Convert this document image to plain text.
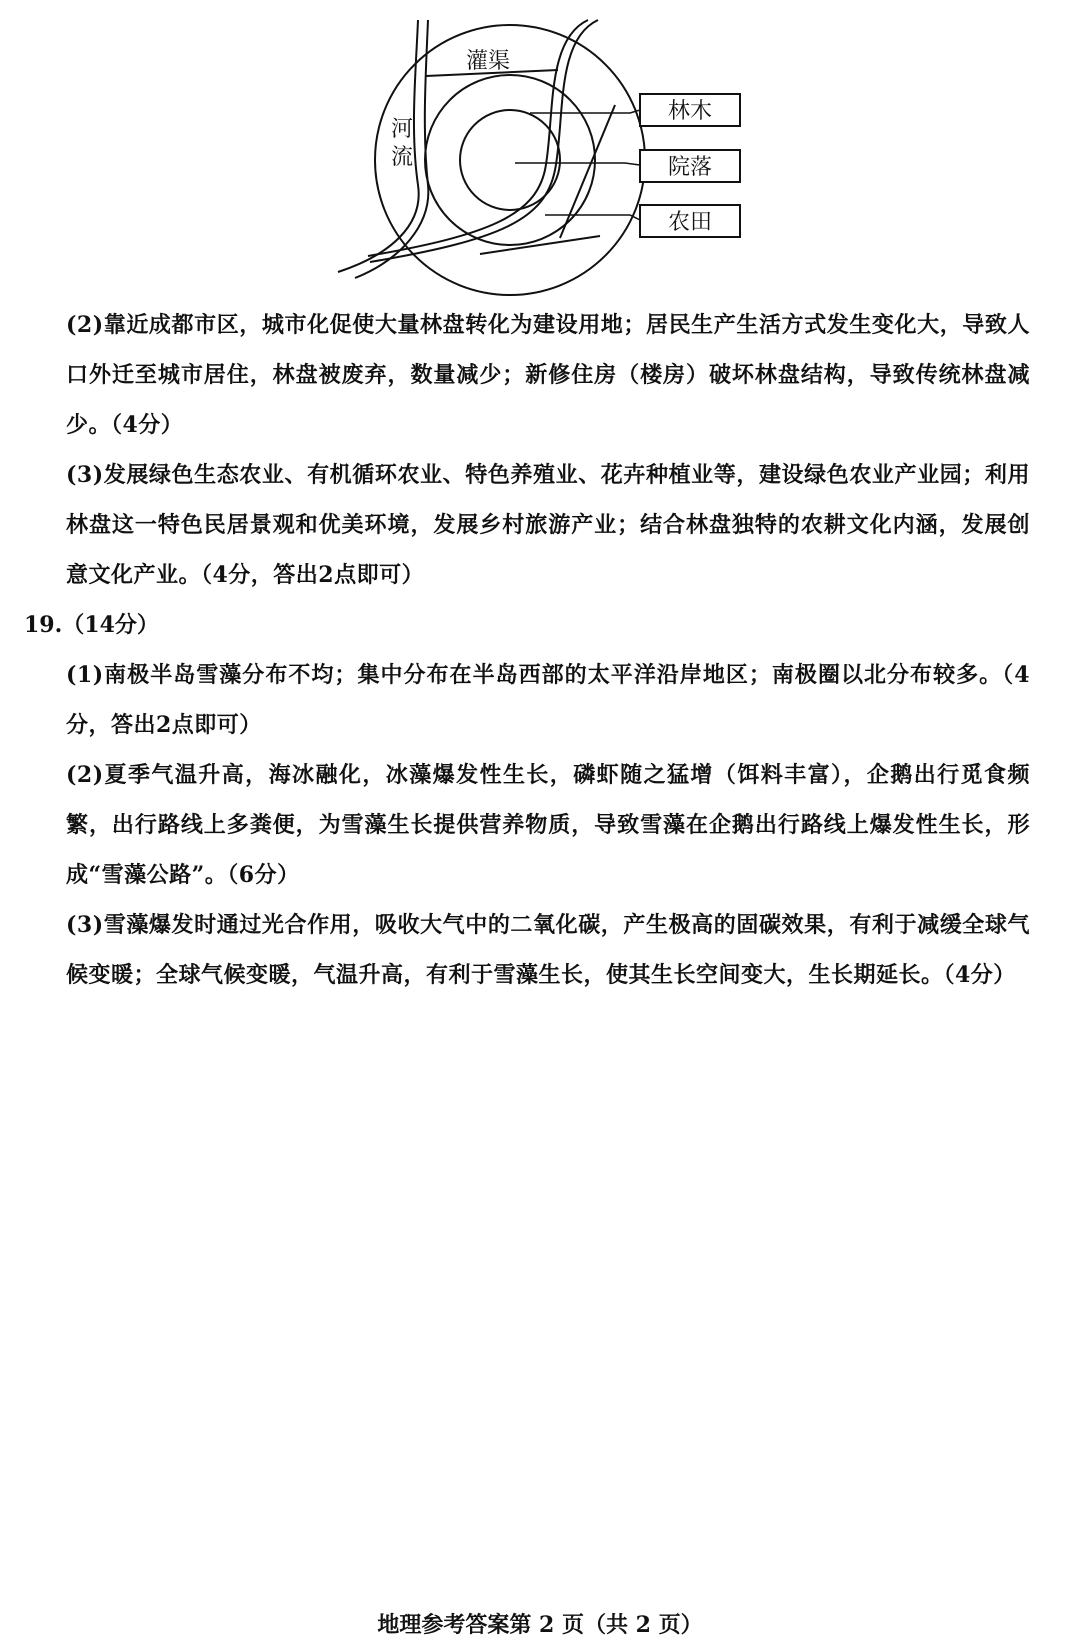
林木
院落
农田
灌渠
河
流

(2)靠近成都市区，城市化促使大量林盘转化为建设用地；居民生产生活方式发生变化大，导致人口外迁至城市居住，林盘被废弃，数量减少；新修住房（楼房）破坏林盘结构，导致传统林盘减少。（4分）

(3)发展绿色生态农业、有机循环农业、特色养殖业、花卉种植业等，建设绿色农业产业园；利用林盘这一特色民居景观和优美环境，发展乡村旅游产业；结合林盘独特的农耕文化内涵，发展创意文化产业。（4分，答出2点即可）

19.（14分）

(1)南极半岛雪藻分布不均；集中分布在半岛西部的太平洋沿岸地区；南极圈以北分布较多。（4分，答出2点即可）

(2)夏季气温升高，海冰融化，冰藻爆发性生长，磷虾随之猛增（饵料丰富），企鹅出行觅食频繁，出行路线上多粪便，为雪藻生长提供营养物质，导致雪藻在企鹅出行路线上爆发性生长，形成“雪藻公路”。（6分）

(3)雪藻爆发时通过光合作用，吸收大气中的二氧化碳，产生极高的固碳效果，有利于减缓全球气候变暖；全球气候变暖，气温升高，有利于雪藻生长，使其生长空间变大，生长期延长。（4分）

地理参考答案第 2 页（共 2 页）
